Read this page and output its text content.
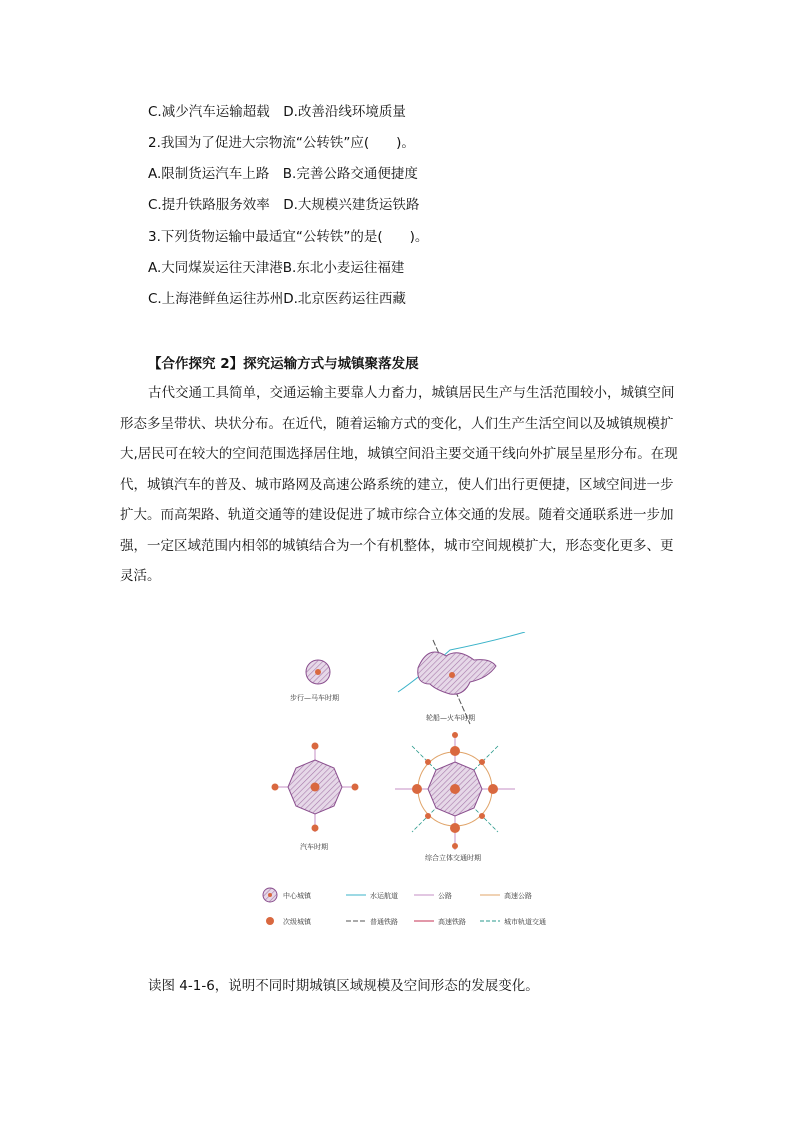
C.减少汽车运输超载　D.改善沿线环境质量
2.我国为了促进大宗物流“公转铁”应(　　)。
A.限制货运汽车上路　B.完善公路交通便捷度
C.提升铁路服务效率　D.大规模兴建货运铁路
3.下列货物运输中最适宜“公转铁”的是(　　)。
A.大同煤炭运往天津港B.东北小麦运往福建
C.上海港鲜鱼运往苏州D.北京医药运往西藏
【合作探究 2】探究运输方式与城镇聚落发展
古代交通工具简单，交通运输主要靠人力畜力，城镇居民生产与生活范围较小，城镇空间形态多呈带状、块状分布。在近代，随着运输方式的变化，人们生产生活空间以及城镇规模扩大,居民可在较大的空间范围选择居住地，城镇空间沿主要交通干线向外扩展呈星形分布。在现代，城镇汽车的普及、城市路网及高速公路系统的建立，使人们出行更便捷，区域空间进一步扩大。而高架路、轨道交通等的建设促进了城市综合立体交通的发展。随着交通联系进一步加强，一定区域范围内相邻的城镇结合为一个有机整体，城市空间规模扩大，形态变化更多、更灵活。
步行—马车时期
轮船—火车时期
汽车时期
综合立体交通时期
中心城镇	水运航道	公路	高速公路
次级城镇	普通铁路	高速铁路	城市轨道交通
读图 4-1-6，说明不同时期城镇区域规模及空间形态的发展变化。
